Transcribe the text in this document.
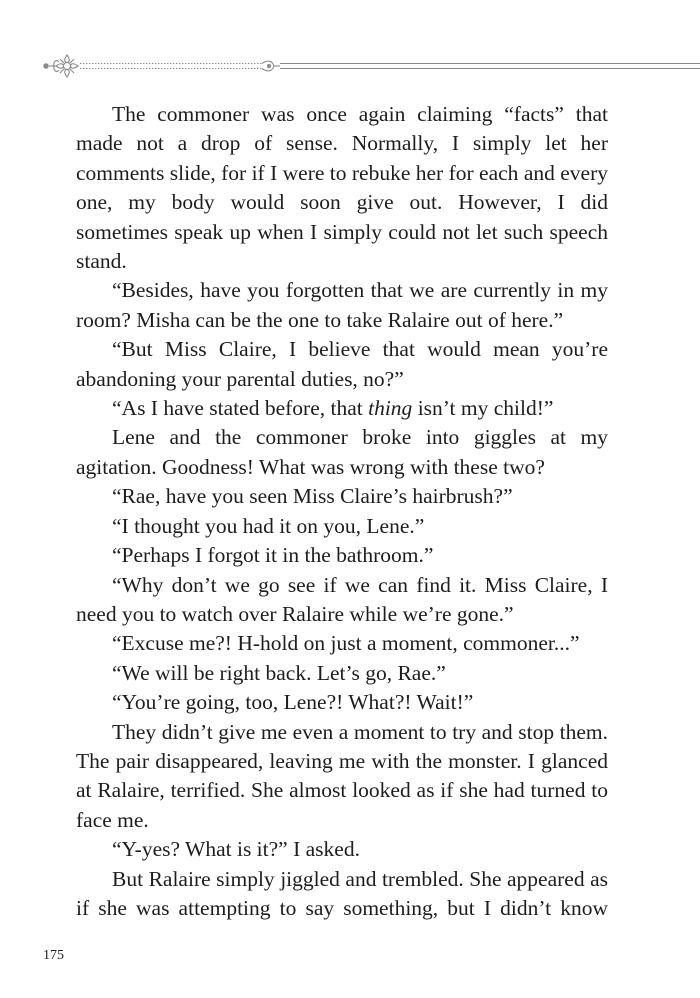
The commoner was once again claiming “facts” that made not a drop of sense. Normally, I simply let her comments slide, for if I were to rebuke her for each and every one, my body would soon give out. However, I did sometimes speak up when I simply could not let such speech stand.

“Besides, have you forgotten that we are currently in my room? Misha can be the one to take Ralaire out of here.”

“But Miss Claire, I believe that would mean you’re abandoning your parental duties, no?”

“As I have stated before, that thing isn’t my child!”

Lene and the commoner broke into giggles at my agitation. Goodness! What was wrong with these two?

“Rae, have you seen Miss Claire’s hairbrush?”

“I thought you had it on you, Lene.”

“Perhaps I forgot it in the bathroom.”

“Why don’t we go see if we can find it. Miss Claire, I need you to watch over Ralaire while we’re gone.”

“Excuse me?! H-hold on just a moment, commoner...”

“We will be right back. Let’s go, Rae.”

“You’re going, too, Lene?! What?! Wait!”

They didn’t give me even a moment to try and stop them. The pair disappeared, leaving me with the monster. I glanced at Ralaire, terrified. She almost looked as if she had turned to face me.

“Y-yes? What is it?” I asked.

But Ralaire simply jiggled and trembled. She appeared as if she was attempting to say something, but I didn’t know

175
